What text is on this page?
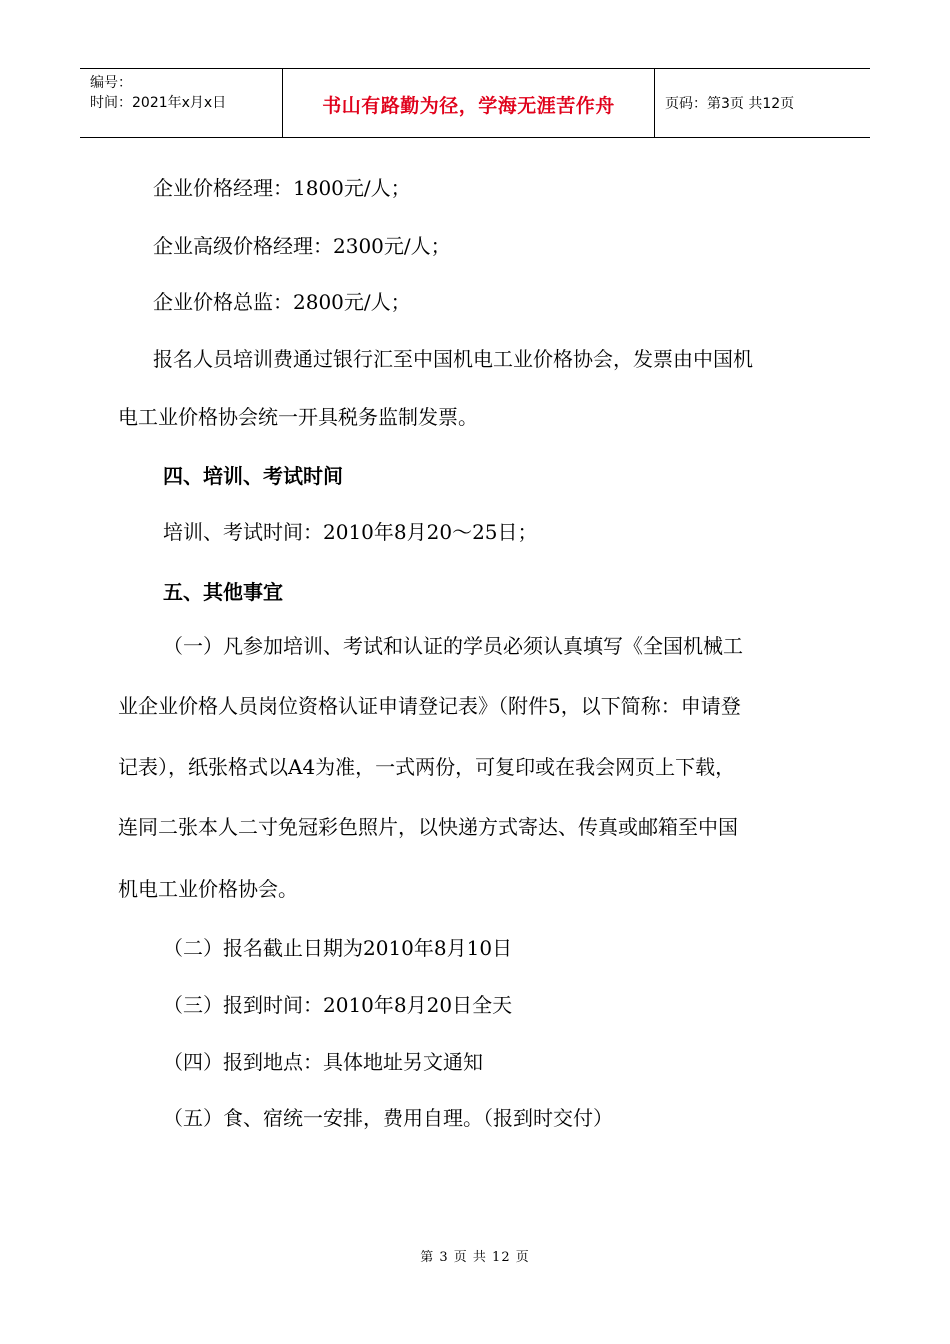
编号：
时间：2021年x月x日	书山有路勤为径，学海无涯苦作舟	页码：第3页 共12页
企业价格经理：1800元/人；
企业高级价格经理：2300元/人；
企业价格总监：2800元/人；
报名人员培训费通过银行汇至中国机电工业价格协会，发票由中国机
电工业价格协会统一开具税务监制发票。
四、培训、考试时间
培训、考试时间：2010年8月20～25日；
五、其他事宜
（一）凡参加培训、考试和认证的学员必须认真填写《全国机械工
业企业价格人员岗位资格认证申请登记表》（附件5，以下简称：申请登
记表），纸张格式以A4为准，一式两份，可复印或在我会网页上下载，
连同二张本人二寸免冠彩色照片，以快递方式寄达、传真或邮箱至中国
机电工业价格协会。
（二）报名截止日期为2010年8月10日
（三）报到时间：2010年8月20日全天
（四）报到地点：具体地址另文通知
（五）食、宿统一安排，费用自理。（报到时交付）
第 3 页 共 12 页
